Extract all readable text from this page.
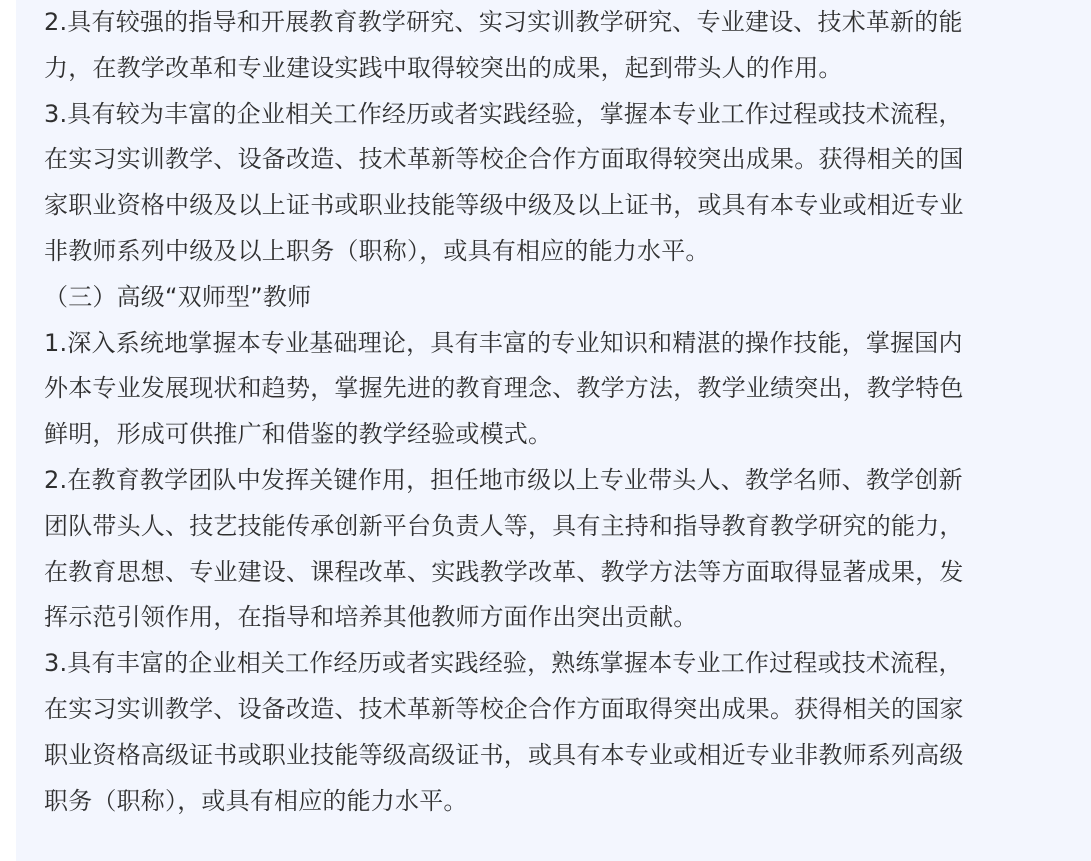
2.具有较强的指导和开展教育教学研究、实习实训教学研究、专业建设、技术革新的能
力，在教学改革和专业建设实践中取得较突出的成果，起到带头人的作用。
3.具有较为丰富的企业相关工作经历或者实践经验，掌握本专业工作过程或技术流程，
在实习实训教学、设备改造、技术革新等校企合作方面取得较突出成果。获得相关的国
家职业资格中级及以上证书或职业技能等级中级及以上证书，或具有本专业或相近专业
非教师系列中级及以上职务（职称），或具有相应的能力水平。
（三）高级“双师型”教师
1.深入系统地掌握本专业基础理论，具有丰富的专业知识和精湛的操作技能，掌握国内
外本专业发展现状和趋势，掌握先进的教育理念、教学方法，教学业绩突出，教学特色
鲜明，形成可供推广和借鉴的教学经验或模式。
2.在教育教学团队中发挥关键作用，担任地市级以上专业带头人、教学名师、教学创新
团队带头人、技艺技能传承创新平台负责人等，具有主持和指导教育教学研究的能力，
在教育思想、专业建设、课程改革、实践教学改革、教学方法等方面取得显著成果，发
挥示范引领作用，在指导和培养其他教师方面作出突出贡献。
3.具有丰富的企业相关工作经历或者实践经验，熟练掌握本专业工作过程或技术流程，
在实习实训教学、设备改造、技术革新等校企合作方面取得突出成果。获得相关的国家
职业资格高级证书或职业技能等级高级证书，或具有本专业或相近专业非教师系列高级
职务（职称），或具有相应的能力水平。
